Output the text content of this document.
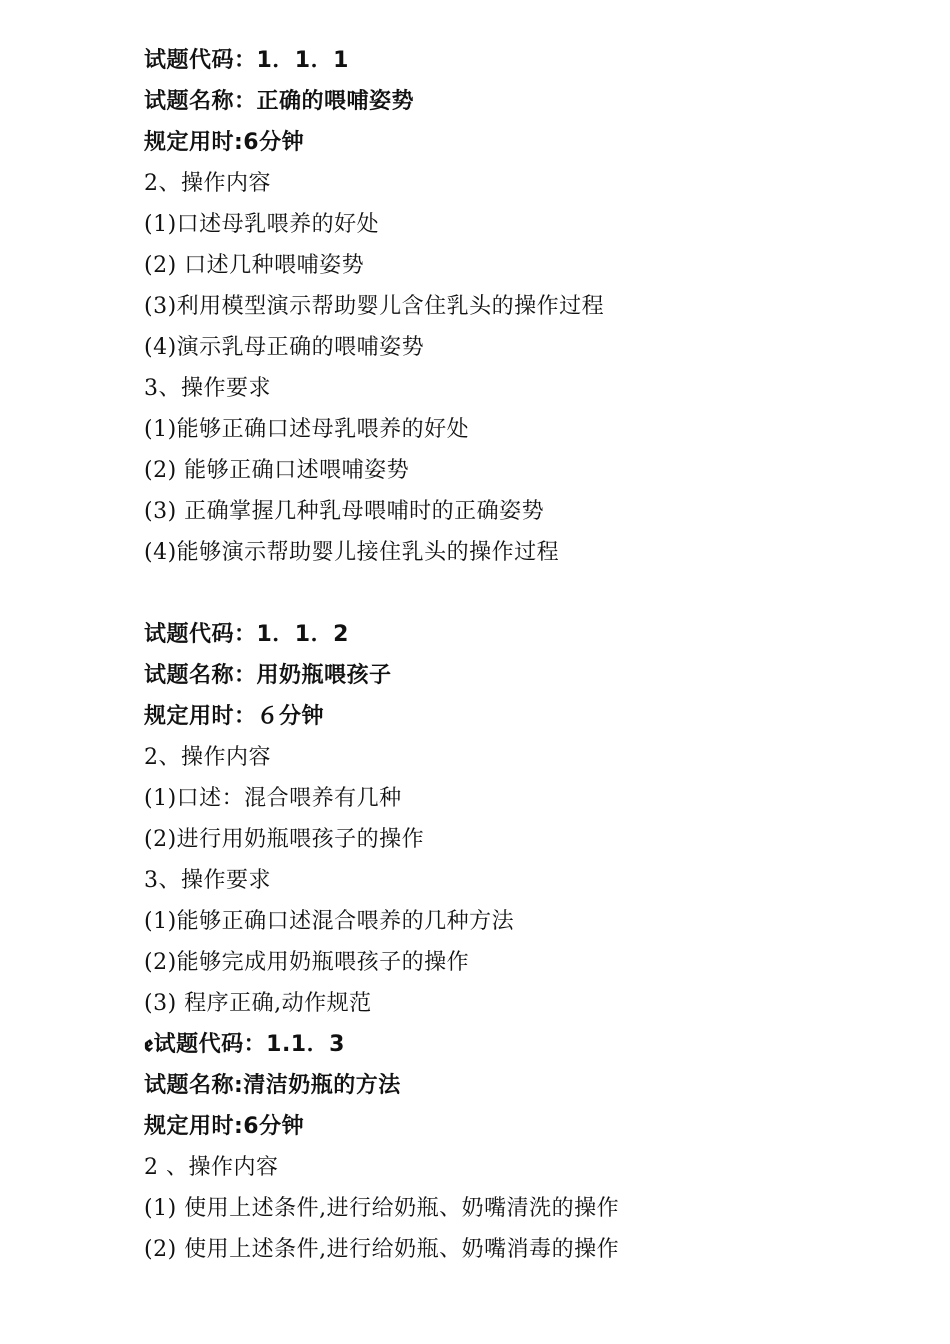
试题代码：1．1．1
试题名称：正确的喂哺姿势
规定用时:6分钟
2、操作内容
(1)口述母乳喂养的好处
(2) 口述几种喂哺姿势
(3)利用模型演示帮助婴儿含住乳头的操作过程
(4)演示乳母正确的喂哺姿势
3、操作要求
(1)能够正确口述母乳喂养的好处
(2) 能够正确口述喂哺姿势
(3) 正确掌握几种乳母喂哺时的正确姿势
(4)能够演示帮助婴儿接住乳头的操作过程
试题代码：1．1．2
试题名称：用奶瓶喂孩子
规定用时：６分钟
2、操作内容
(1)口述：混合喂养有几种
(2)进行用奶瓶喂孩子的操作
3、操作要求
(1)能够正确口述混合喂养的几种方法
(2)能够完成用奶瓶喂孩子的操作
(3) 程序正确,动作规范
ꬲ试题代码：1.1．3
试题名称:清洁奶瓶的方法
规定用时:6分钟
2 、操作内容
(1) 使用上述条件,进行给奶瓶、奶嘴清洗的操作
(2) 使用上述条件,进行给奶瓶、奶嘴消毒的操作
